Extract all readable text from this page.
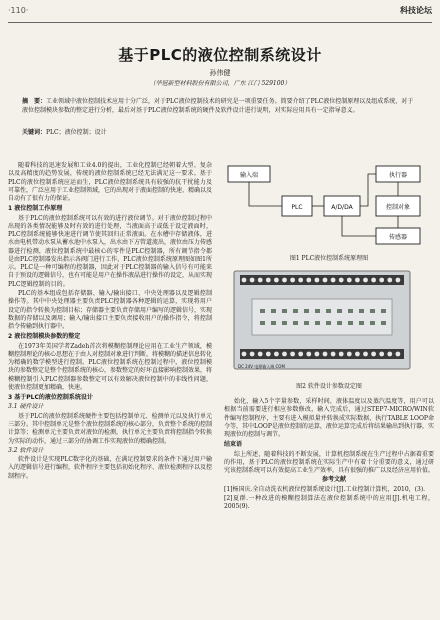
·110·	科技论坛
基于PLC的液位控制系统设计
孙伟健
（华冠新型材料股份有限公司，广东 江门 529100）
摘　要：工业领域中液位控制技术应用十分广泛，对于PLC液位控制技术的研究是一项重要任务。简要介绍了PLC液位控制原理以及组成系统，对于液位控制模块参数的整定进行分析，最后对基于PLC液位控制系统的硬件及软件设计进行说明，对实际应用具有一定指导意义。
关键词：PLC；液位控制；设计

随着科技的迅速发展和工业4.0的提出，工业化控制已经朝着大型、复杂以及高精度的趋势发展，传统的液位控制系统已经无法满足这一要求。基于PLC的液位控制系统应运而生，PLC液位控制系统具有较强的抗干扰能力及可靠性，广泛应用于工业控制领域，它的出现对于液面控制的快速、精确以及自动有了很有力的保证。

1 液位控制工作原理

基于PLC的液位控制系统可以有效的进行液位调节。对于液位控制过程中出现的各类情况能够及时有效的进行处理，当液面高于或低于设定液面时，PLC控制系统能够快速进行调节使其回归正常液面。在水槽中存储液体，进水由电机带动水泵从蓄水池中水泵入，出水由下方管道流出，液位由压力传感器进行检测，液位控制系统中最核心的零件是PLC控制器，所有调节指令都是由PLC控制器发出指示各阀门进行工作，PLC液位控制系统原理图如图1所示。PLC是一种可编程的控制器，因此对于PLC控制器的输入信号有可能来自于预设的逻辑信号，也有可能是用户在操作液晶进行操作的设定，从而实现PLC逻辑控制的目的。

PLC的基本组成包括存储器、输入/输出接口、中央处理器以及逻辑控制操作等。其中中央处理器主要负责PLC控制器各种逻辑的运算，实现将用户设定的指令转换为控制目标；存储器主要负责存储用户编写的逻辑信号，实现数据的存储以及调用；输入/输出接口主要负责接收用户的操作指令，将控制指令传输到执行器中。

2 液位控制模块参数的整定

在1973年美国学者Zadeh首次将模糊控制理论应用在工业生产领域，模糊控制理论的核心思想在于由人对控制对象进行判断，将模糊的描述信息转化为精确的数学模型进行控制。PLC液位控制系统在控制过程中，液位控制模块的参数整定是整个控制系统的核心，参数整定的好坏直接影响控制效果，将模糊控制引入PLC控制器参数整定可以有效解决液位控制中的非线性问题，使液位控制更加精确、快速。

3 基于PLC的液位控制系统设计

3.1 硬件设计

基于PLC的液位控制系统硬件主要包括控制单元、检测单元以及执行单元三部分。其中控制单元是整个液位控制系统的核心部分，负责整个系统的控制计算等；检测单元主要负责对液位的检测，执行单元主要负责将控制指令转换为实际的动作，通过三部分的协调工作实现液位的精确控制。

3.2 软件设计

软件设计是实现PLC数字化的基础，在满足控制要求的条件下通过用户输入的逻辑信号进行编程，软件程序主要包括初始化程序、液位检测程序以及控制程序。

输入端
PLC	A/D/DA
执行器
控制对象
传感器
图1 PLC液位控制系统原理图
DC 24V 电源输入端 COM
图2 软件设计参数设定图

始化，输入5个字量参数，采样时间，液体温度以及蒸汽温度等，用户可以根据当前需要进行相应参数修改，输入完成后，通过STEP7-MICRO/WIN软件编写控制程序，主要有进入模拟量并转换成实际数据，执行TABLE LOOP命令等，其中LOOP是液位控制的运算，液位运算完成后将结果输出到执行器，实现液位的控制与调节。

结束语

综上所述，随着科技的不断发展，计算机控制系统在生产过程中占据着重要的作用，基于PLC的液位控制系统在实际生产中有着十分重要的意义，通过研究该控制系统可以有效提高工业生产效率，具有很强的推广以及经济应用价值。

参考文献

[1]杨国庆.全自动洗衣机液位控制系统设计[J].工业控制计算机，2010，(3).

[2]夏群.一种改进的模糊控制算法在液位控制系统中的应用[J].机电工程，2005(9).
